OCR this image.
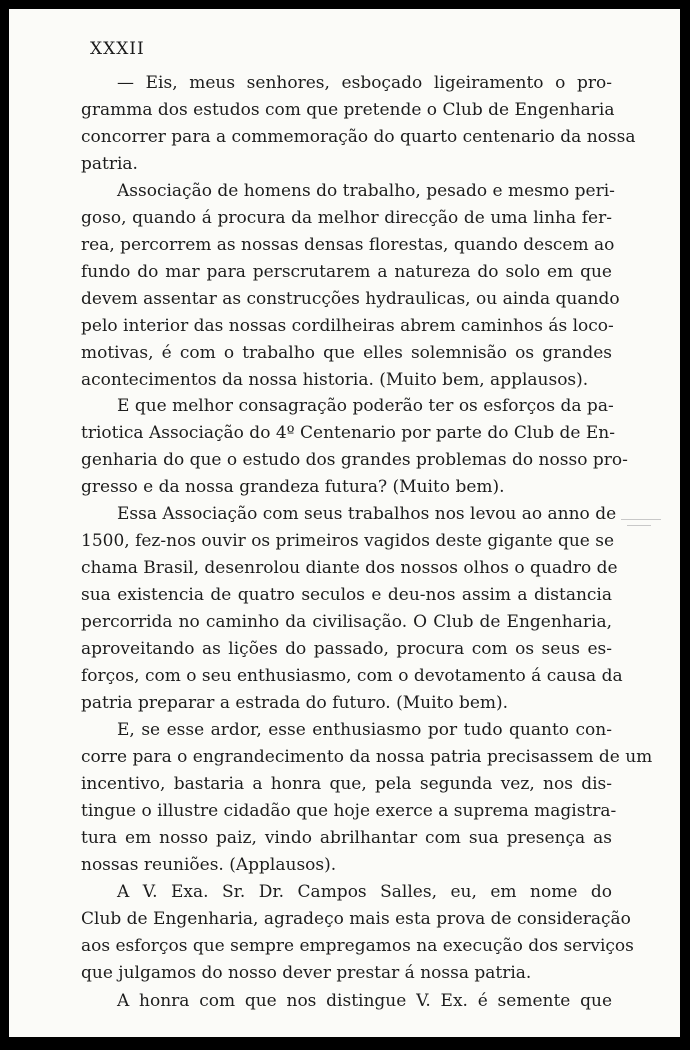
XXXII
— Eis, meus senhores, esboçado ligeiramento o pro-
gramma dos estudos com que pretende o Club de Engenharia
concorrer para a commemoração do quarto centenario da nossa
patria.
Associação de homens do trabalho, pesado e mesmo peri-
goso, quando á procura da melhor direcção de uma linha fer-
rea, percorrem as nossas densas florestas, quando descem ao
fundo do mar para perscrutarem a natureza do solo em que
devem assentar as construcções hydraulicas, ou ainda quando
pelo interior das nossas cordilheiras abrem caminhos ás loco-
motivas, é com o trabalho que elles solemnisão os grandes
acontecimentos da nossa historia. (Muito bem, applausos).
E que melhor consagração poderão ter os esforços da pa-
triotica Associação do 4º Centenario por parte do Club de En-
genharia do que o estudo dos grandes problemas do nosso pro-
gresso e da nossa grandeza futura? (Muito bem).
Essa Associação com seus trabalhos nos levou ao anno de
1500, fez-nos ouvir os primeiros vagidos deste gigante que se
chama Brasil, desenrolou diante dos nossos olhos o quadro de
sua existencia de quatro seculos e deu-nos assim a distancia
percorrida no caminho da civilisação. O Club de Engenharia,
aproveitando as lições do passado, procura com os seus es-
forços, com o seu enthusiasmo, com o devotamento á causa da
patria preparar a estrada do futuro. (Muito bem).
E, se esse ardor, esse enthusiasmo por tudo quanto con-
corre para o engrandecimento da nossa patria precisassem de um
incentivo, bastaria a honra que, pela segunda vez, nos dis-
tingue o illustre cidadão que hoje exerce a suprema magistra-
tura em nosso paiz, vindo abrilhantar com sua presença as
nossas reuniões. (Applausos).
A V. Exa. Sr. Dr. Campos Salles, eu, em nome do
Club de Engenharia, agradeço mais esta prova de consideração
aos esforços que sempre empregamos na execução dos serviços
que julgamos do nosso dever prestar á nossa patria.
A honra com que nos distingue V. Ex. é semente que
